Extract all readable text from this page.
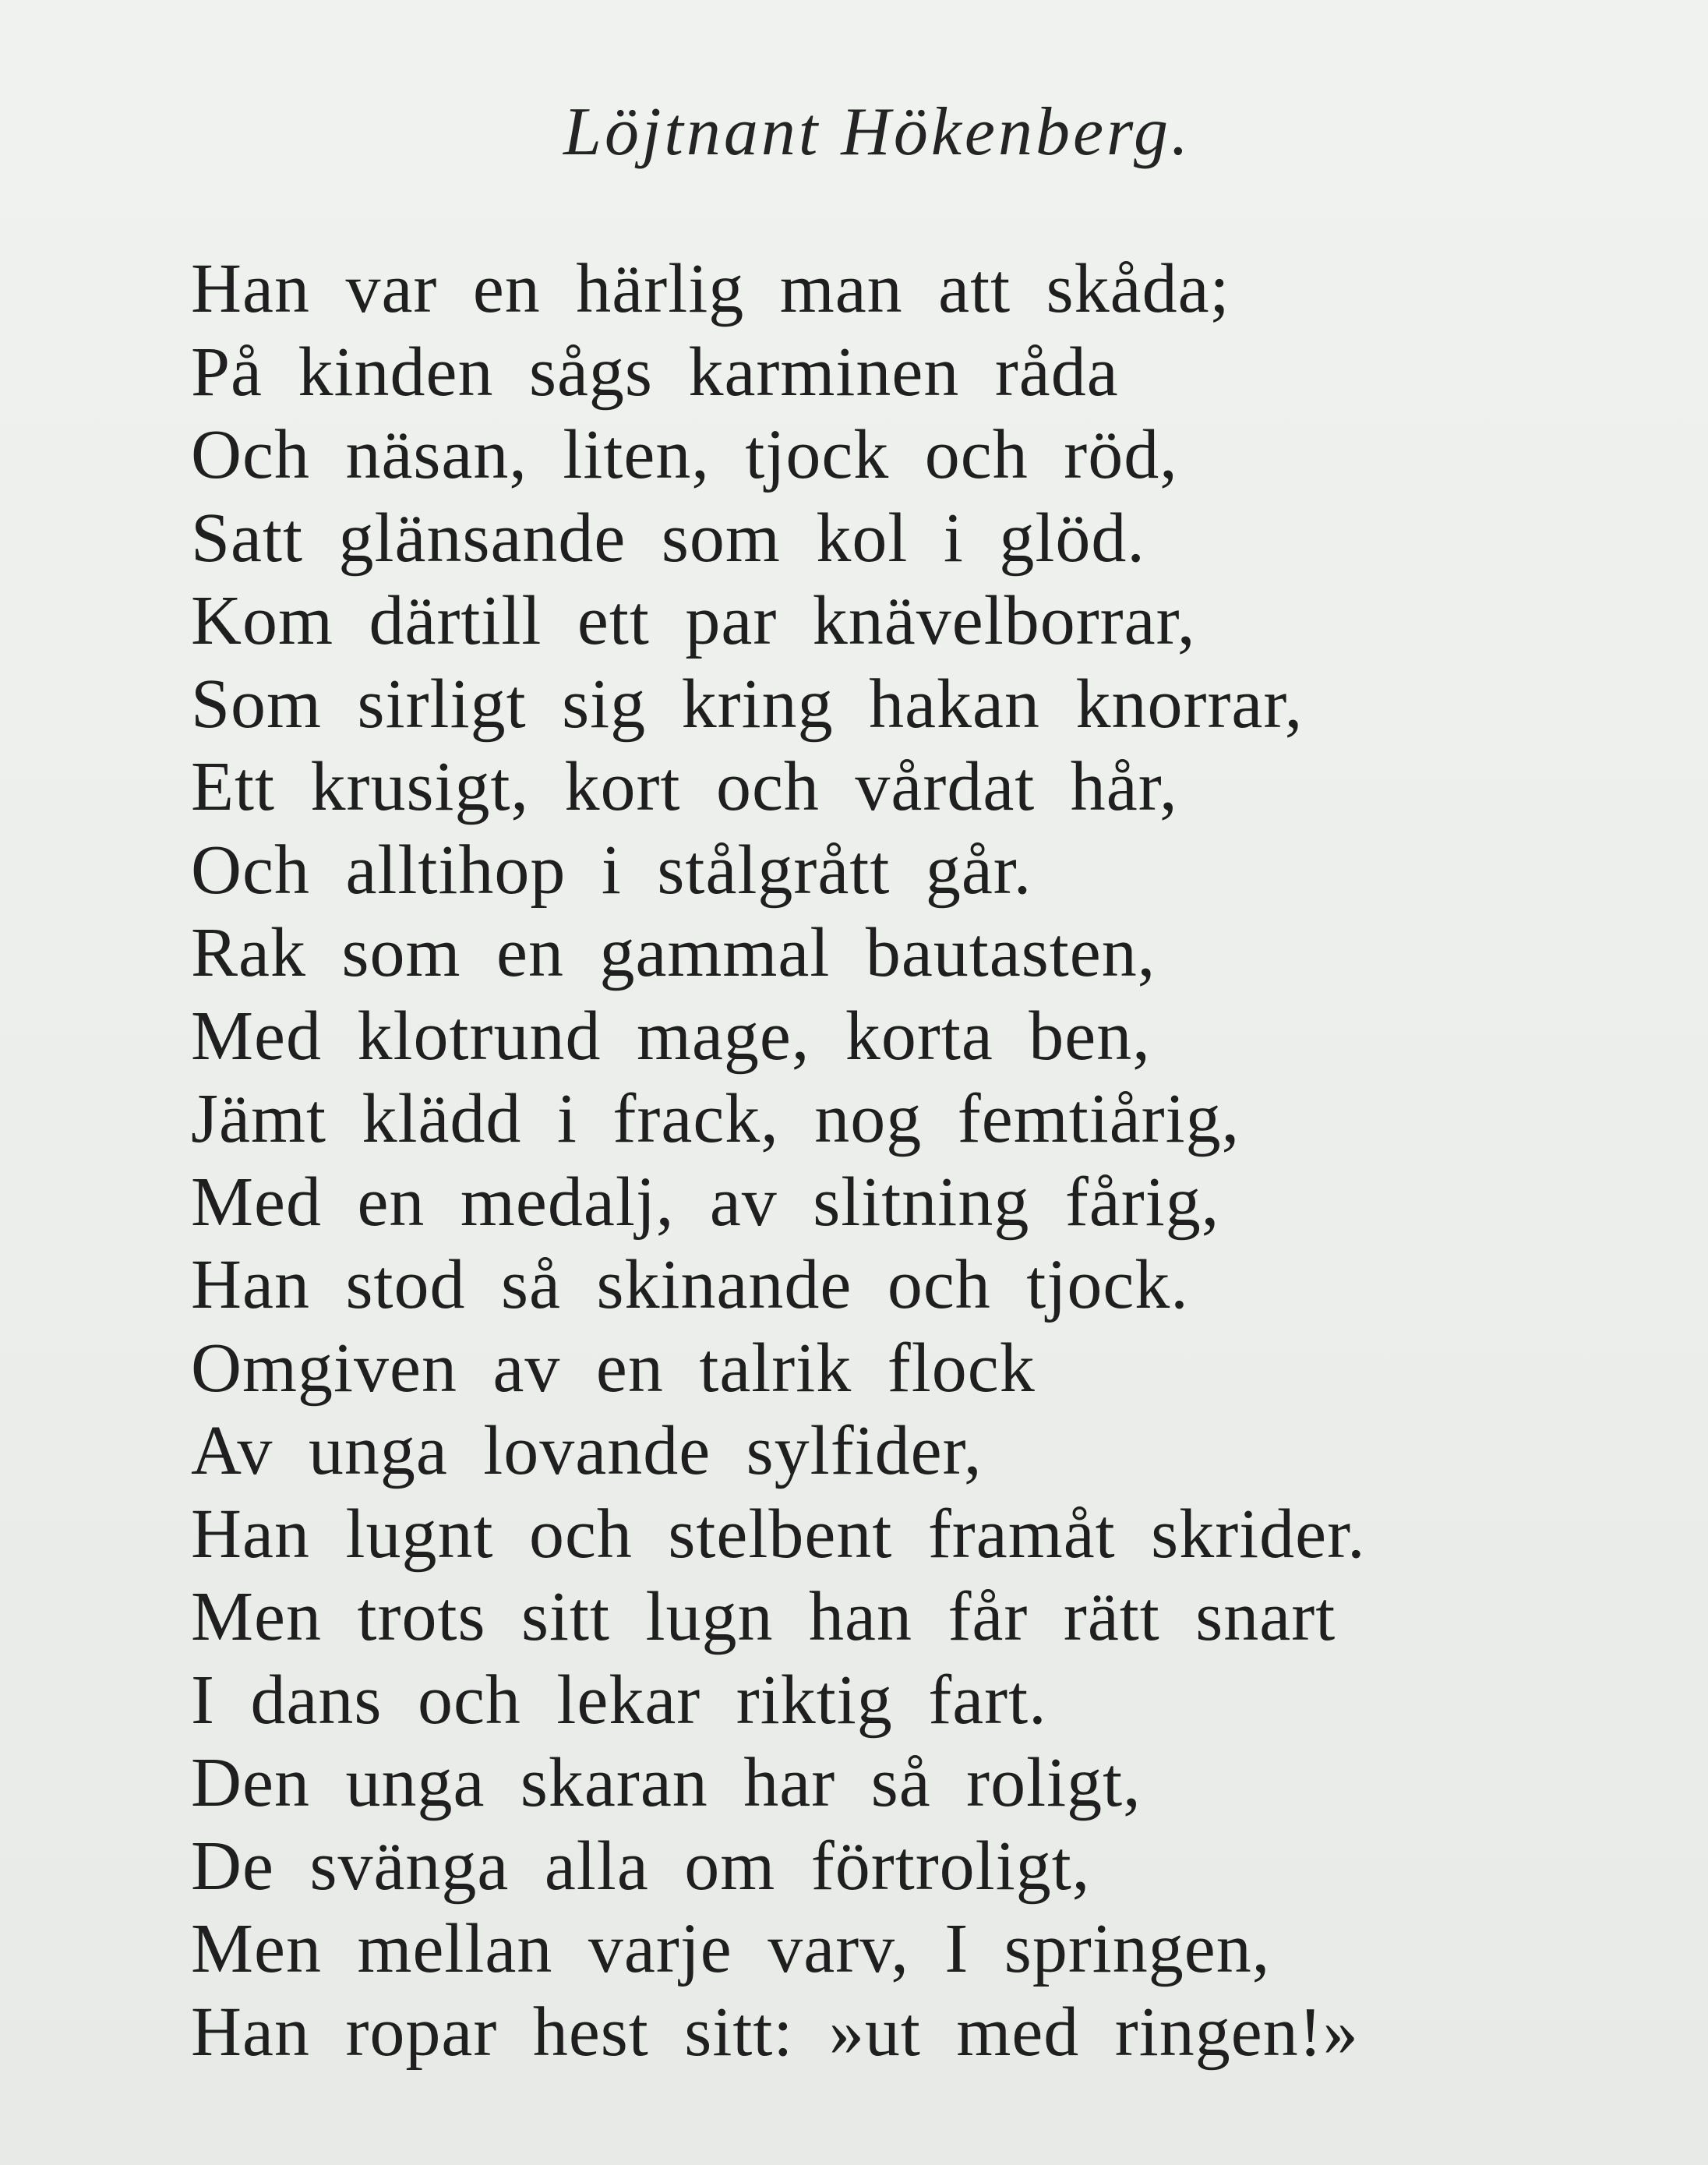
Löjtnant Hökenberg.
Han var en härlig man att skåda;
På kinden sågs karminen råda
Och näsan, liten, tjock och röd,
Satt glänsande som kol i glöd.
Kom därtill ett par knävelborrar,
Som sirligt sig kring hakan knorrar,
Ett krusigt, kort och vårdat hår,
Och alltihop i stålgrått går.
Rak som en gammal bautasten,
Med klotrund mage, korta ben,
Jämt klädd i frack, nog femtiårig,
Med en medalj, av slitning fårig,
Han stod så skinande och tjock.
Omgiven av en talrik flock
Av unga lovande sylfider,
Han lugnt och stelbent framåt skrider.
Men trots sitt lugn han får rätt snart
I dans och lekar riktig fart.
Den unga skaran har så roligt,
De svänga alla om förtroligt,
Men mellan varje varv, I springen,
Han ropar hest sitt: »ut med ringen!»
